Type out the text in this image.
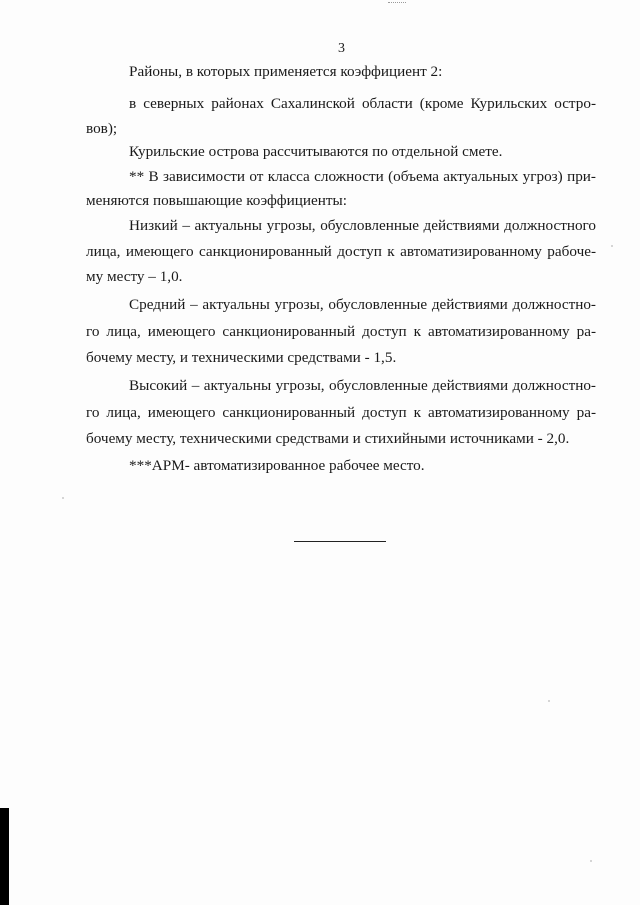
3
Районы, в которых применяется коэффициент 2:
в северных районах Сахалинской области (кроме Курильских остро-
вов);
Курильские острова рассчитываются по отдельной смете.
** В зависимости от класса сложности (объема актуальных угроз) при-
меняются повышающие коэффициенты:
Низкий – актуальны угрозы, обусловленные действиями должностного
лица, имеющего санкционированный доступ к автоматизированному рабоче-
му месту – 1,0.
Средний – актуальны угрозы, обусловленные действиями должностно-
го лица, имеющего санкционированный доступ к автоматизированному ра-
бочему месту, и техническими средствами - 1,5.
Высокий – актуальны угрозы, обусловленные действиями должностно-
го лица, имеющего санкционированный доступ к автоматизированному ра-
бочему месту, техническими средствами и стихийными источниками - 2,0.
***АРМ- автоматизированное рабочее место.
